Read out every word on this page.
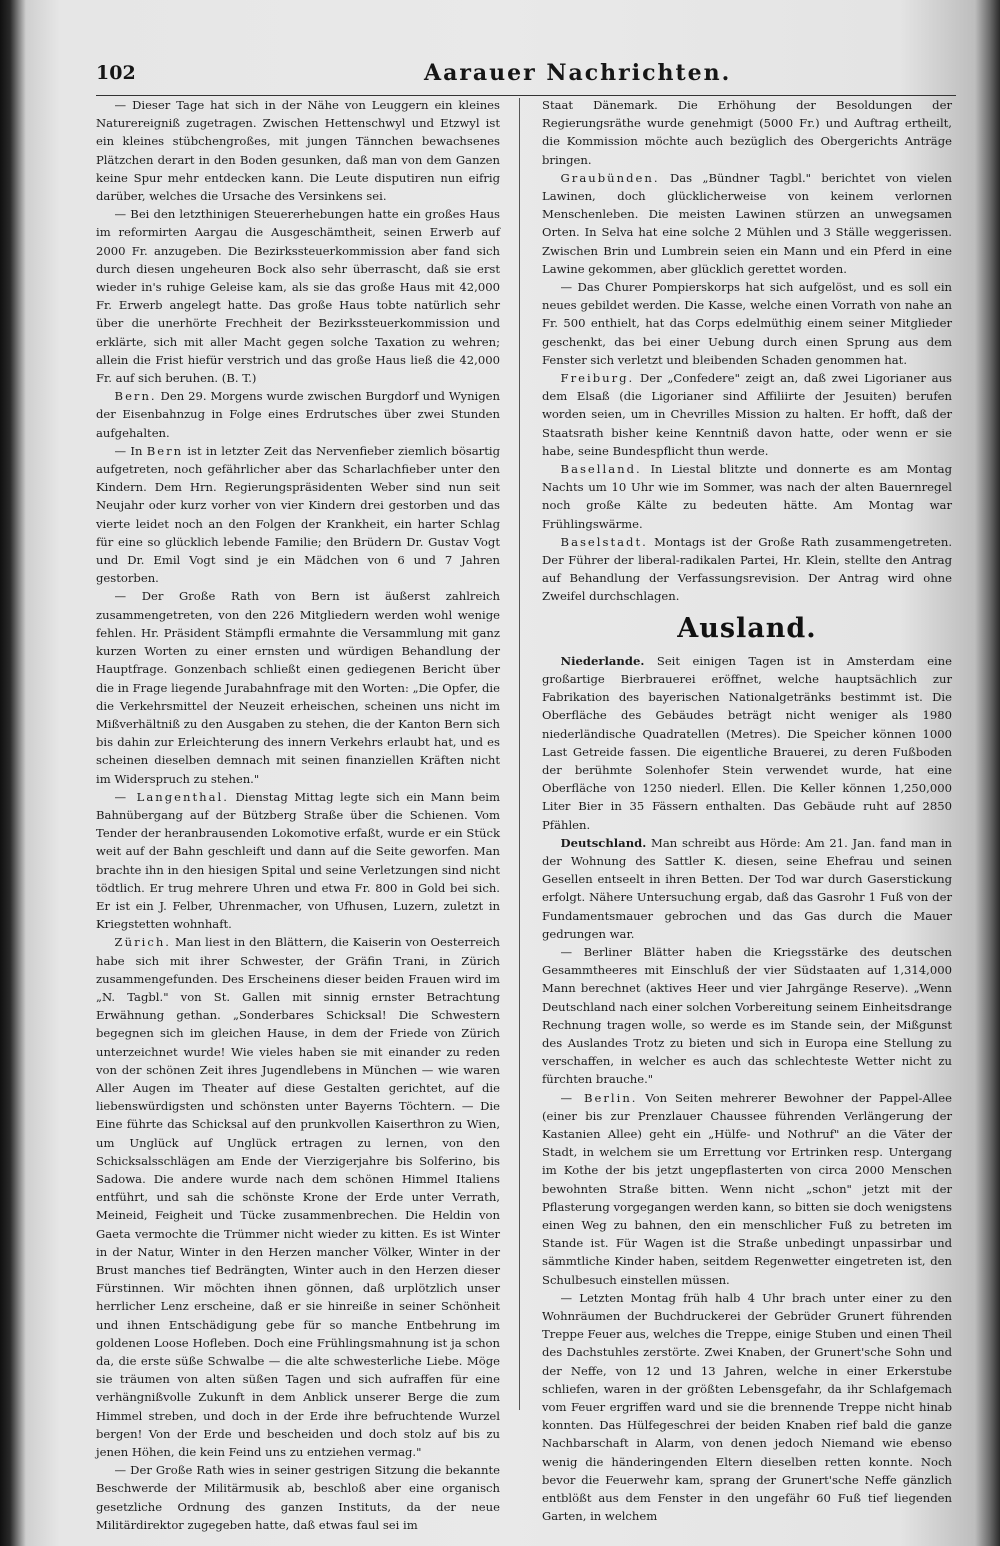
102	Aarauer Nachrichten.

— Dieser Tage hat sich in der Nähe von Leuggern ein kleines Naturereigniß zugetragen. Zwischen Hettenschwyl und Etzwyl ist ein kleines stübchengroßes, mit jungen Tännchen bewachsenes Plätzchen derart in den Boden gesunken, daß man von dem Ganzen keine Spur mehr entdecken kann. Die Leute disputiren nun eifrig darüber, welches die Ursache des Versinkens sei.

— Bei den letzthinigen Steuererhebungen hatte ein großes Haus im reformirten Aargau die Ausgeschämtheit, seinen Erwerb auf 2000 Fr. anzugeben. Die Bezirkssteuerkommission aber fand sich durch diesen ungeheuren Bock also sehr überrascht, daß sie erst wieder in's ruhige Geleise kam, als sie das große Haus mit 42,000 Fr. Erwerb angelegt hatte. Das große Haus tobte natürlich sehr über die unerhörte Frechheit der Bezirkssteuerkommission und erklärte, sich mit aller Macht gegen solche Taxation zu wehren; allein die Frist hiefür verstrich und das große Haus ließ die 42,000 Fr. auf sich beruhen. (B. T.)

Bern. Den 29. Morgens wurde zwischen Burgdorf und Wynigen der Eisenbahnzug in Folge eines Erdrutsches über zwei Stunden aufgehalten.

— In Bern ist in letzter Zeit das Nervenfieber ziemlich bösartig aufgetreten, noch gefährlicher aber das Scharlachfieber unter den Kindern. Dem Hrn. Regierungspräsidenten Weber sind nun seit Neujahr oder kurz vorher von vier Kindern drei gestorben und das vierte leidet noch an den Folgen der Krankheit, ein harter Schlag für eine so glücklich lebende Familie; den Brüdern Dr. Gustav Vogt und Dr. Emil Vogt sind je ein Mädchen von 6 und 7 Jahren gestorben.

— Der Große Rath von Bern ist äußerst zahlreich zusammengetreten, von den 226 Mitgliedern werden wohl wenige fehlen. Hr. Präsident Stämpfli ermahnte die Versammlung mit ganz kurzen Worten zu einer ernsten und würdigen Behandlung der Hauptfrage. Gonzenbach schließt einen gediegenen Bericht über die in Frage liegende Jurabahnfrage mit den Worten: „Die Opfer, die die Verkehrsmittel der Neuzeit erheischen, scheinen uns nicht im Mißverhältniß zu den Ausgaben zu stehen, die der Kanton Bern sich bis dahin zur Erleichterung des innern Verkehrs erlaubt hat, und es scheinen dieselben demnach mit seinen finanziellen Kräften nicht im Widerspruch zu stehen."

— Langenthal. Dienstag Mittag legte sich ein Mann beim Bahnübergang auf der Bützberg Straße über die Schienen. Vom Tender der heranbrausenden Lokomotive erfaßt, wurde er ein Stück weit auf der Bahn geschleift und dann auf die Seite geworfen. Man brachte ihn in den hiesigen Spital und seine Verletzungen sind nicht tödtlich. Er trug mehrere Uhren und etwa Fr. 800 in Gold bei sich. Er ist ein J. Felber, Uhrenmacher, von Ufhusen, Luzern, zuletzt in Kriegstetten wohnhaft.

Zürich. Man liest in den Blättern, die Kaiserin von Oesterreich habe sich mit ihrer Schwester, der Gräfin Trani, in Zürich zusammengefunden. Des Erscheinens dieser beiden Frauen wird im „N. Tagbl." von St. Gallen mit sinnig ernster Betrachtung Erwähnung gethan. „Sonderbares Schicksal! Die Schwestern begegnen sich im gleichen Hause, in dem der Friede von Zürich unterzeichnet wurde! Wie vieles haben sie mit einander zu reden von der schönen Zeit ihres Jugendlebens in München — wie waren Aller Augen im Theater auf diese Gestalten gerichtet, auf die liebenswürdigsten und schönsten unter Bayerns Töchtern. — Die Eine führte das Schicksal auf den prunkvollen Kaiserthron zu Wien, um Unglück auf Unglück ertragen zu lernen, von den Schicksalsschlägen am Ende der Vierzigerjahre bis Solferino, bis Sadowa. Die andere wurde nach dem schönen Himmel Italiens entführt, und sah die schönste Krone der Erde unter Verrath, Meineid, Feigheit und Tücke zusammenbrechen. Die Heldin von Gaeta vermochte die Trümmer nicht wieder zu kitten. Es ist Winter in der Natur, Winter in den Herzen mancher Völker, Winter in der Brust manches tief Bedrängten, Winter auch in den Herzen dieser Fürstinnen. Wir möchten ihnen gönnen, daß urplötzlich unser herrlicher Lenz erscheine, daß er sie hinreiße in seiner Schönheit und ihnen Entschädigung gebe für so manche Entbehrung im goldenen Loose Hofleben. Doch eine Frühlingsmahnung ist ja schon da, die erste süße Schwalbe — die alte schwesterliche Liebe. Möge sie träumen von alten süßen Tagen und sich aufraffen für eine verhängnißvolle Zukunft in dem Anblick unserer Berge die zum Himmel streben, und doch in der Erde ihre befruchtende Wurzel bergen! Von der Erde und bescheiden und doch stolz auf bis zu jenen Höhen, die kein Feind uns zu entziehen vermag."

— Der Große Rath wies in seiner gestrigen Sitzung die bekannte Beschwerde der Militärmusik ab, beschloß aber eine organisch gesetzliche Ordnung des ganzen Instituts, da der neue Militärdirektor zugegeben hatte, daß etwas faul sei im

Staat Dänemark. Die Erhöhung der Besoldungen der Regierungsräthe wurde genehmigt (5000 Fr.) und Auftrag ertheilt, die Kommission möchte auch bezüglich des Obergerichts Anträge bringen.

Graubünden. Das „Bündner Tagbl." berichtet von vielen Lawinen, doch glücklicherweise von keinem verlornen Menschenleben. Die meisten Lawinen stürzen an unwegsamen Orten. In Selva hat eine solche 2 Mühlen und 3 Ställe weggerissen. Zwischen Brin und Lumbrein seien ein Mann und ein Pferd in eine Lawine gekommen, aber glücklich gerettet worden.

— Das Churer Pompierskorps hat sich aufgelöst, und es soll ein neues gebildet werden. Die Kasse, welche einen Vorrath von nahe an Fr. 500 enthielt, hat das Corps edelmüthig einem seiner Mitglieder geschenkt, das bei einer Uebung durch einen Sprung aus dem Fenster sich verletzt und bleibenden Schaden genommen hat.

Freiburg. Der „Confedere" zeigt an, daß zwei Ligorianer aus dem Elsaß (die Ligorianer sind Affiliirte der Jesuiten) berufen worden seien, um in Chevrilles Mission zu halten. Er hofft, daß der Staatsrath bisher keine Kenntniß davon hatte, oder wenn er sie habe, seine Bundespflicht thun werde.

Baselland. In Liestal blitzte und donnerte es am Montag Nachts um 10 Uhr wie im Sommer, was nach der alten Bauernregel noch große Kälte zu bedeuten hätte. Am Montag war Frühlingswärme.

Baselstadt. Montags ist der Große Rath zusammengetreten. Der Führer der liberal-radikalen Partei, Hr. Klein, stellte den Antrag auf Behandlung der Verfassungsrevision. Der Antrag wird ohne Zweifel durchschlagen.

Ausland.

Niederlande. Seit einigen Tagen ist in Amsterdam eine großartige Bierbrauerei eröffnet, welche hauptsächlich zur Fabrikation des bayerischen Nationalgetränks bestimmt ist. Die Oberfläche des Gebäudes beträgt nicht weniger als 1980 niederländische Quadratellen (Metres). Die Speicher können 1000 Last Getreide fassen. Die eigentliche Brauerei, zu deren Fußboden der berühmte Solenhofer Stein verwendet wurde, hat eine Oberfläche von 1250 niederl. Ellen. Die Keller können 1,250,000 Liter Bier in 35 Fässern enthalten. Das Gebäude ruht auf 2850 Pfählen.

Deutschland. Man schreibt aus Hörde: Am 21. Jan. fand man in der Wohnung des Sattler K. diesen, seine Ehefrau und seinen Gesellen entseelt in ihren Betten. Der Tod war durch Gaserstickung erfolgt. Nähere Untersuchung ergab, daß das Gasrohr 1 Fuß von der Fundamentsmauer gebrochen und das Gas durch die Mauer gedrungen war.

— Berliner Blätter haben die Kriegsstärke des deutschen Gesammtheeres mit Einschluß der vier Südstaaten auf 1,314,000 Mann berechnet (aktives Heer und vier Jahrgänge Reserve). „Wenn Deutschland nach einer solchen Vorbereitung seinem Einheitsdrange Rechnung tragen wolle, so werde es im Stande sein, der Mißgunst des Auslandes Trotz zu bieten und sich in Europa eine Stellung zu verschaffen, in welcher es auch das schlechteste Wetter nicht zu fürchten brauche."

— Berlin. Von Seiten mehrerer Bewohner der Pappel-Allee (einer bis zur Prenzlauer Chaussee führenden Verlängerung der Kastanien Allee) geht ein „Hülfe- und Nothruf" an die Väter der Stadt, in welchem sie um Errettung vor Ertrinken resp. Untergang im Kothe der bis jetzt ungepflasterten von circa 2000 Menschen bewohnten Straße bitten. Wenn nicht „schon" jetzt mit der Pflasterung vorgegangen werden kann, so bitten sie doch wenigstens einen Weg zu bahnen, den ein menschlicher Fuß zu betreten im Stande ist. Für Wagen ist die Straße unbedingt unpassirbar und sämmtliche Kinder haben, seitdem Regenwetter eingetreten ist, den Schulbesuch einstellen müssen.

— Letzten Montag früh halb 4 Uhr brach unter einer zu den Wohnräumen der Buchdruckerei der Gebrüder Grunert führenden Treppe Feuer aus, welches die Treppe, einige Stuben und einen Theil des Dachstuhles zerstörte. Zwei Knaben, der Grunert'sche Sohn und der Neffe, von 12 und 13 Jahren, welche in einer Erkerstube schliefen, waren in der größten Lebensgefahr, da ihr Schlafgemach vom Feuer ergriffen ward und sie die brennende Treppe nicht hinab konnten. Das Hülfegeschrei der beiden Knaben rief bald die ganze Nachbarschaft in Alarm, von denen jedoch Niemand wie ebenso wenig die händeringenden Eltern dieselben retten konnte. Noch bevor die Feuerwehr kam, sprang der Grunert'sche Neffe gänzlich entblößt aus dem Fenster in den ungefähr 60 Fuß tief liegenden Garten, in welchem
